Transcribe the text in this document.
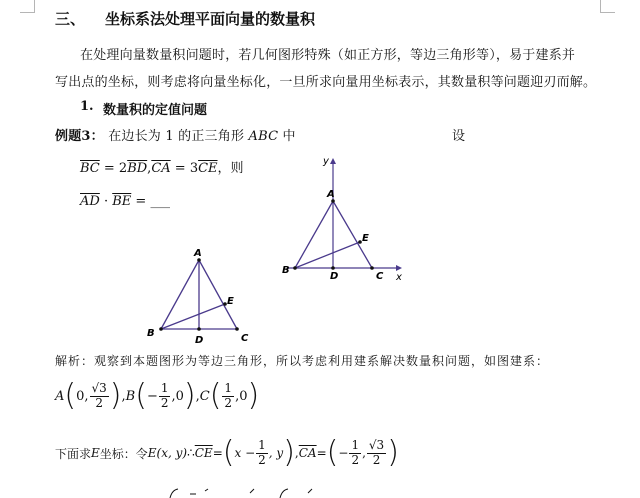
三、 坐标系法处理平面向量的数量积
在处理向量数量积问题时，若几何图形特殊（如正方形，等边三角形等），易于建系并
写出点的坐标，则考虑将向量坐标化，一旦所求向量用坐标表示，其数量积等问题迎刃而解。
1. 数量积的定值问题
例题3： 在边长为 1 的正三角形 ABC 中	设
$\overline{BC} = 2\overline{BD},\overline{CA} = 3\overline{CE}$，则
$\overline{AD} \cdot \overline{BE}$ = ___
A
B	C
D
E
y
x
A
B
C
D
E
解析：观察到本题图形为等边三角形，所以考虑利用建系解决数量积问题，如图建系：
A ( 0, $\frac{√3}{2}$ ) , B ( − $\frac{1}{2} ,0$ ) , C ( $\frac{1}{2} ,0$ )
下面求 E 坐标：令 E(x, y) ∴ $\overline{CE}$ = ( $x - \frac{1}{2}$ , y ) , $\overline{CA}$ = ( − $\frac{1}{2}$ , $\frac{√3}{2}$ )
